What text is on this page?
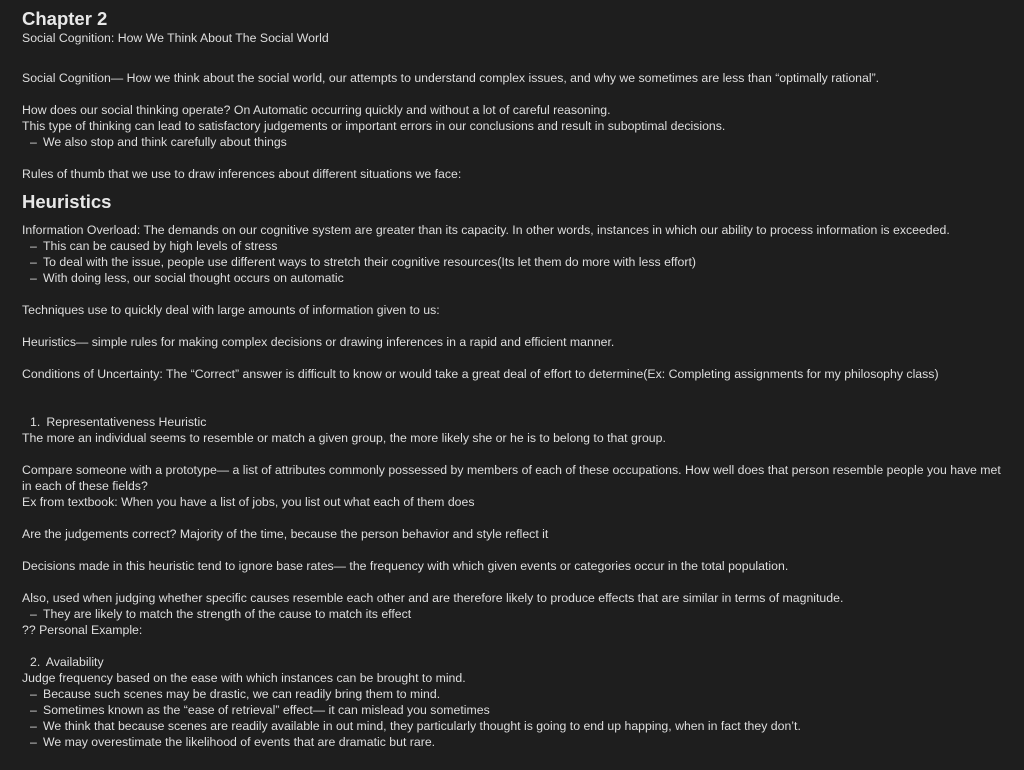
Chapter 2

Social Cognition: How We Think About The Social World

Social Cognition— How we think about the social world, our attempts to understand complex issues, and why we sometimes are less than “optimally rational”.

How does our social thinking operate? On Automatic occurring quickly and without a lot of careful reasoning.

This type of thinking can lead to satisfactory judgements or important errors in our conclusions and result in suboptimal decisions.

– We also stop and think carefully about things

Rules of thumb that we use to draw inferences about different situations we face:

Heuristics

Information Overload: The demands on our cognitive system are greater than its capacity. In other words, instances in which our ability to process information is exceeded.

– This can be caused by high levels of stress

– To deal with the issue, people use different ways to stretch their cognitive resources(Its let them do more with less effort)

– With doing less, our social thought occurs on automatic

Techniques use to quickly deal with large amounts of information given to us:

Heuristics— simple rules for making complex decisions or drawing inferences in a rapid and efficient manner.

Conditions of Uncertainty: The “Correct” answer is difficult to know or would take a great deal of effort to determine(Ex: Completing assignments for my philosophy class)

1. Representativeness Heuristic

The more an individual seems to resemble or match a given group, the more likely she or he is to belong to that group.

Compare someone with a prototype— a list of attributes commonly possessed by members of each of these occupations. How well does that person resemble people you have met in each of these fields?

Ex from textbook: When you have a list of jobs, you list out what each of them does

Are the judgements correct? Majority of the time, because the person behavior and style reflect it

Decisions made in this heuristic tend to ignore base rates— the frequency with which given events or categories occur in the total population.

Also, used when judging whether specific causes resemble each other and are therefore likely to produce effects that are similar in terms of magnitude.

– They are likely to match the strength of the cause to match its effect

?? Personal Example:

2. Availability

Judge frequency based on the ease with which instances can be brought to mind.

– Because such scenes may be drastic, we can readily bring them to mind.

– Sometimes known as the “ease of retrieval” effect— it can mislead you sometimes

– We think that because scenes are readily available in out mind, they particularly thought is going to end up happing, when in fact they don’t.

– We may overestimate the likelihood of events that are dramatic but rare.
